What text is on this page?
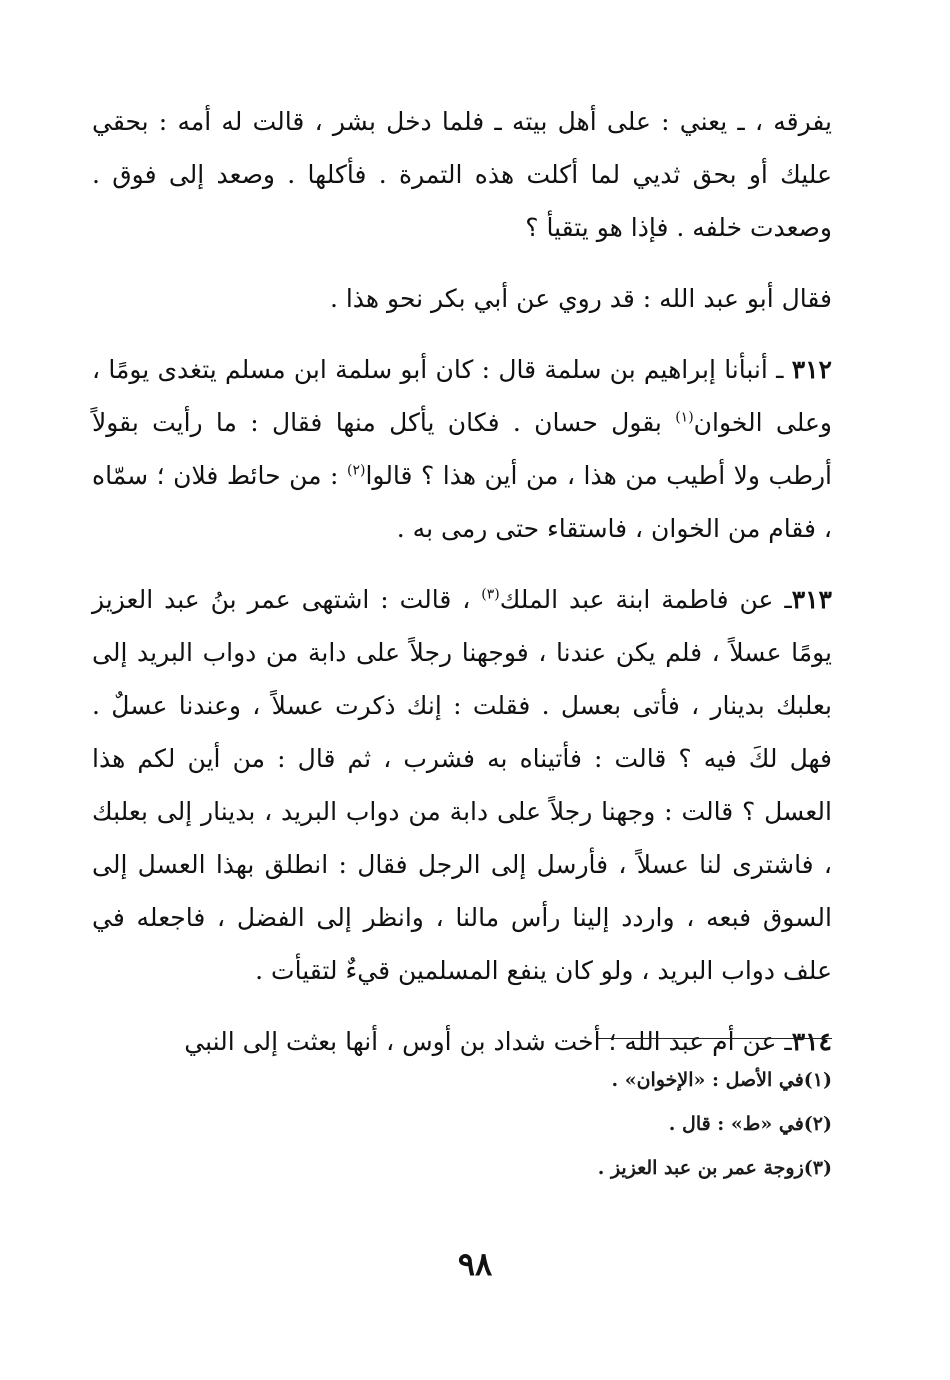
يفرقه ، ـ يعني : على أهل بيته ـ فلما دخل بشر ، قالت له أمه : بحقي عليك أو بحق ثديي لما أكلت هذه التمرة . فأكلها . وصعد إلى فوق . وصعدت خلفه . فإذا هو يتقيأ ؟

فقال أبو عبد الله : قد روي عن أبي بكر نحو هذا .

٣١٢ ـ أنبأنا إبراهيم بن سلمة قال : كان أبو سلمة ابن مسلم يتغدى يومًا ، وعلى الخوان$^{(١)}$ بقول حسان . فكان يأكل منها فقال : ما رأيت بقولاً أرطب ولا أطيب من هذا ، من أين هذا ؟ قالوا$^{(٢)}$ : من حائط فلان ؛ سمّاه ، فقام من الخوان ، فاستقاء حتى رمى به .

٣١٣ـ عن فاطمة ابنة عبد الملك$^{(٣)}$ ، قالت : اشتهى عمر بنُ عبد العزيز يومًا عسلاً ، فلم يكن عندنا ، فوجهنا رجلاً على دابة من دواب البريد إلى بعلبك بدينار ، فأتى بعسل . فقلت : إنك ذكرت عسلاً ، وعندنا عسلٌ . فهل لكَ فيه ؟ قالت : فأتيناه به فشرب ، ثم قال : من أين لكم هذا العسل ؟ قالت : وجهنا رجلاً على دابة من دواب البريد ، بدينار إلى بعلبك ، فاشترى لنا عسلاً ، فأرسل إلى الرجل فقال : انطلق بهذا العسل إلى السوق فبعه ، واردد إلينا رأس مالنا ، وانظر إلى الفضل ، فاجعله في علف دواب البريد ، ولو كان ينفع المسلمين قيءٌ لتقيأت .

٣١٤ـ عن أم عبد الله ؛ أخت شداد بن أوس ، أنها بعثت إلى النبي

(١)في الأصل : «الإخوان» .

(٢)في «ط» : قال .

(٣)زوجة عمر بن عبد العزيز .

٩٨
